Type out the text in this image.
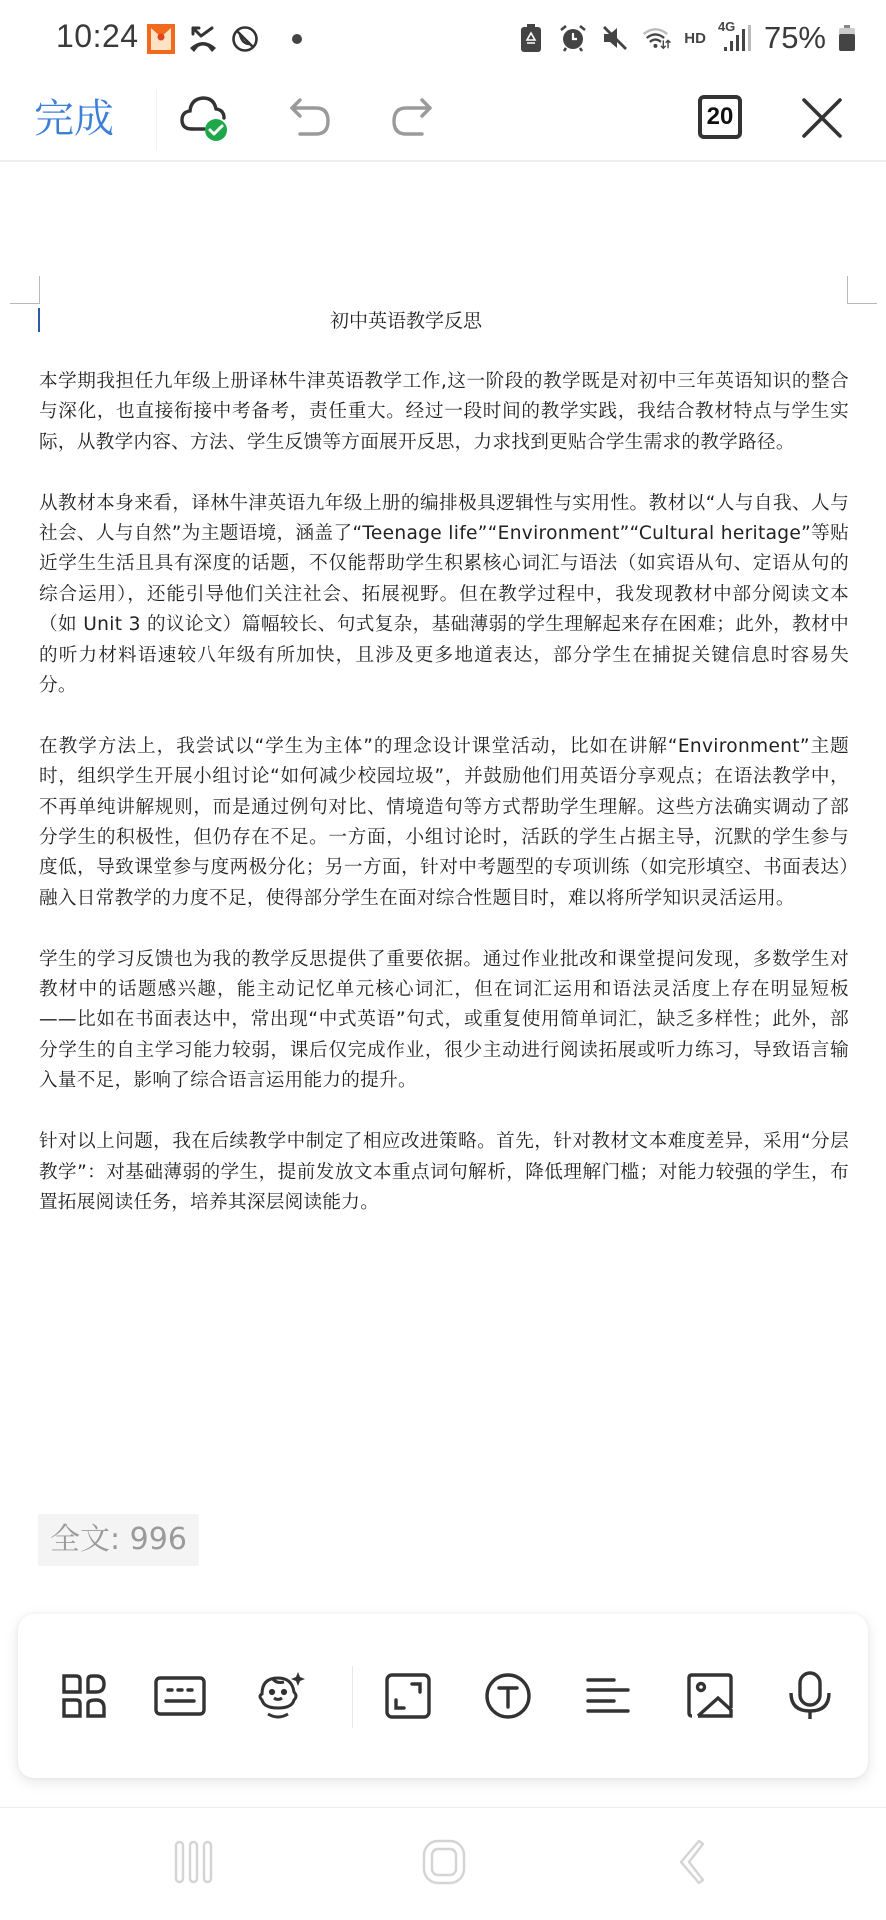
10:24	HD
4G 75%
完成	20
初中英语教学反思

本学期我担任九年级上册译林牛津英语教学工作,这一阶段的教学既是对初中三年英语知识的整合与深化，也直接衔接中考备考，责任重大。经过一段时间的教学实践，我结合教材特点与学生实际，从教学内容、方法、学生反馈等方面展开反思，力求找到更贴合学生需求的教学路径。

从教材本身来看，译林牛津英语九年级上册的编排极具逻辑性与实用性。教材以“人与自我、人与社会、人与自然”为主题语境，涵盖了“Teenage life”“Environment”“Cultural heritage”等贴近学生生活且具有深度的话题，不仅能帮助学生积累核心词汇与语法（如宾语从句、定语从句的综合运用），还能引导他们关注社会、拓展视野。但在教学过程中，我发现教材中部分阅读文本（如 Unit 3 的议论文）篇幅较长、句式复杂，基础薄弱的学生理解起来存在困难；此外，教材中的听力材料语速较八年级有所加快，且涉及更多地道表达，部分学生在捕捉关键信息时容易失分。

在教学方法上，我尝试以“学生为主体”的理念设计课堂活动，比如在讲解“Environment”主题时，组织学生开展小组讨论“如何减少校园垃圾”，并鼓励他们用英语分享观点；在语法教学中，不再单纯讲解规则，而是通过例句对比、情境造句等方式帮助学生理解。这些方法确实调动了部分学生的积极性，但仍存在不足。一方面，小组讨论时，活跃的学生占据主导，沉默的学生参与度低，导致课堂参与度两极分化；另一方面，针对中考题型的专项训练（如完形填空、书面表达）融入日常教学的力度不足，使得部分学生在面对综合性题目时，难以将所学知识灵活运用。

学生的学习反馈也为我的教学反思提供了重要依据。通过作业批改和课堂提问发现，多数学生对教材中的话题感兴趣，能主动记忆单元核心词汇，但在词汇运用和语法灵活度上存在明显短板——比如在书面表达中，常出现“中式英语”句式，或重复使用简单词汇，缺乏多样性；此外，部分学生的自主学习能力较弱，课后仅完成作业，很少主动进行阅读拓展或听力练习，导致语言输入量不足，影响了综合语言运用能力的提升。

针对以上问题，我在后续教学中制定了相应改进策略。首先，针对教材文本难度差异，采用“分层教学”：对基础薄弱的学生，提前发放文本重点词句解析，降低理解门槛；对能力较强的学生，布置拓展阅读任务，培养其深层阅读能力。

全文: 996
